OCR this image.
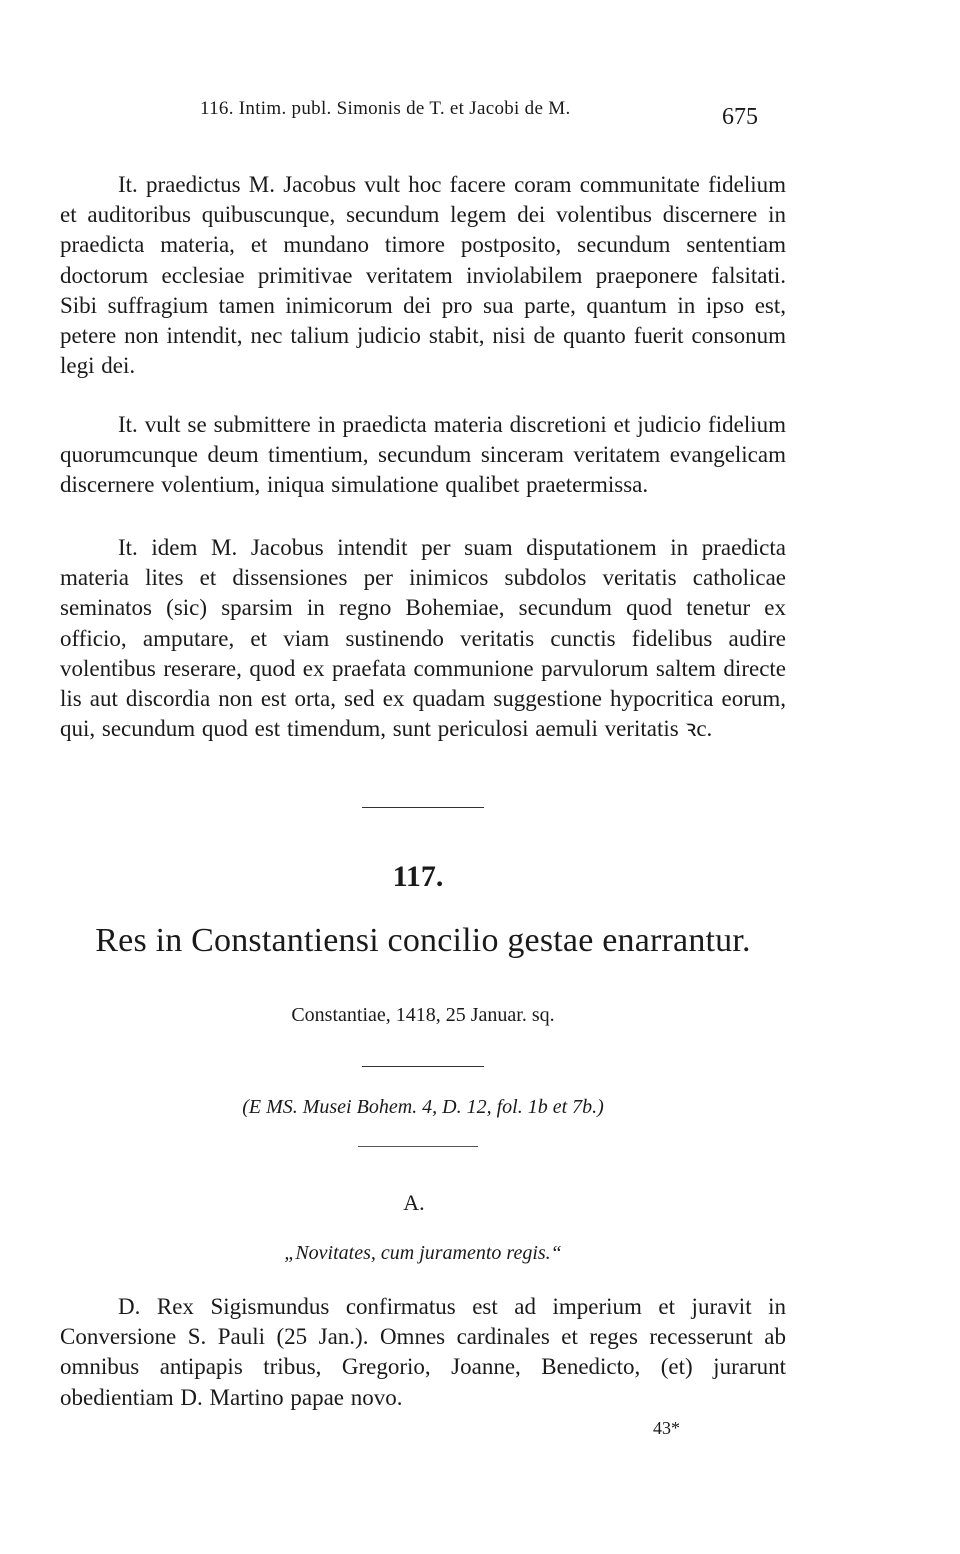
116. Intim. publ. Simonis de T. et Jacobi de M.	675
It. praedictus M. Jacobus vult hoc facere coram communitate fidelium et auditoribus quibuscunque, secundum legem dei volentibus discernere in praedicta materia, et mundano timore postposito, secundum sententiam doctorum ecclesiae primitivae veritatem inviolabilem praeponere falsitati. Sibi suffragium tamen inimicorum dei pro sua parte, quantum in ipso est, petere non intendit, nec talium judicio stabit, nisi de quanto fuerit consonum legi dei.
It. vult se submittere in praedicta materia discretioni et judicio fidelium quorumcunque deum timentium, secundum sinceram veritatem evangelicam discernere volentium, iniqua simulatione qualibet praetermissa.
It. idem M. Jacobus intendit per suam disputationem in praedicta materia lites et dissensiones per inimicos subdolos veritatis catholicae seminatos (sic) sparsim in regno Bohemiae, secundum quod tenetur ex officio, amputare, et viam sustinendo veritatis cunctis fidelibus audire volentibus reserare, quod ex praefata communione parvulorum saltem directe lis aut discordia non est orta, sed ex quadam suggestione hypocritica eorum, qui, secundum quod est timendum, sunt periculosi aemuli veritatis ꝛc.
117.
Res in Constantiensi concilio gestae enarrantur.
Constantiae, 1418, 25 Januar. sq.
(E MS. Musei Bohem. 4, D. 12, fol. 1b et 7b.)
A.
„Novitates, cum juramento regis.“
D. Rex Sigismundus confirmatus est ad imperium et juravit in Conversione S. Pauli (25 Jan.). Omnes cardinales et reges recesserunt ab omnibus antipapis tribus, Gregorio, Joanne, Benedicto, (et) jurarunt obedientiam D. Martino papae novo.
43*
